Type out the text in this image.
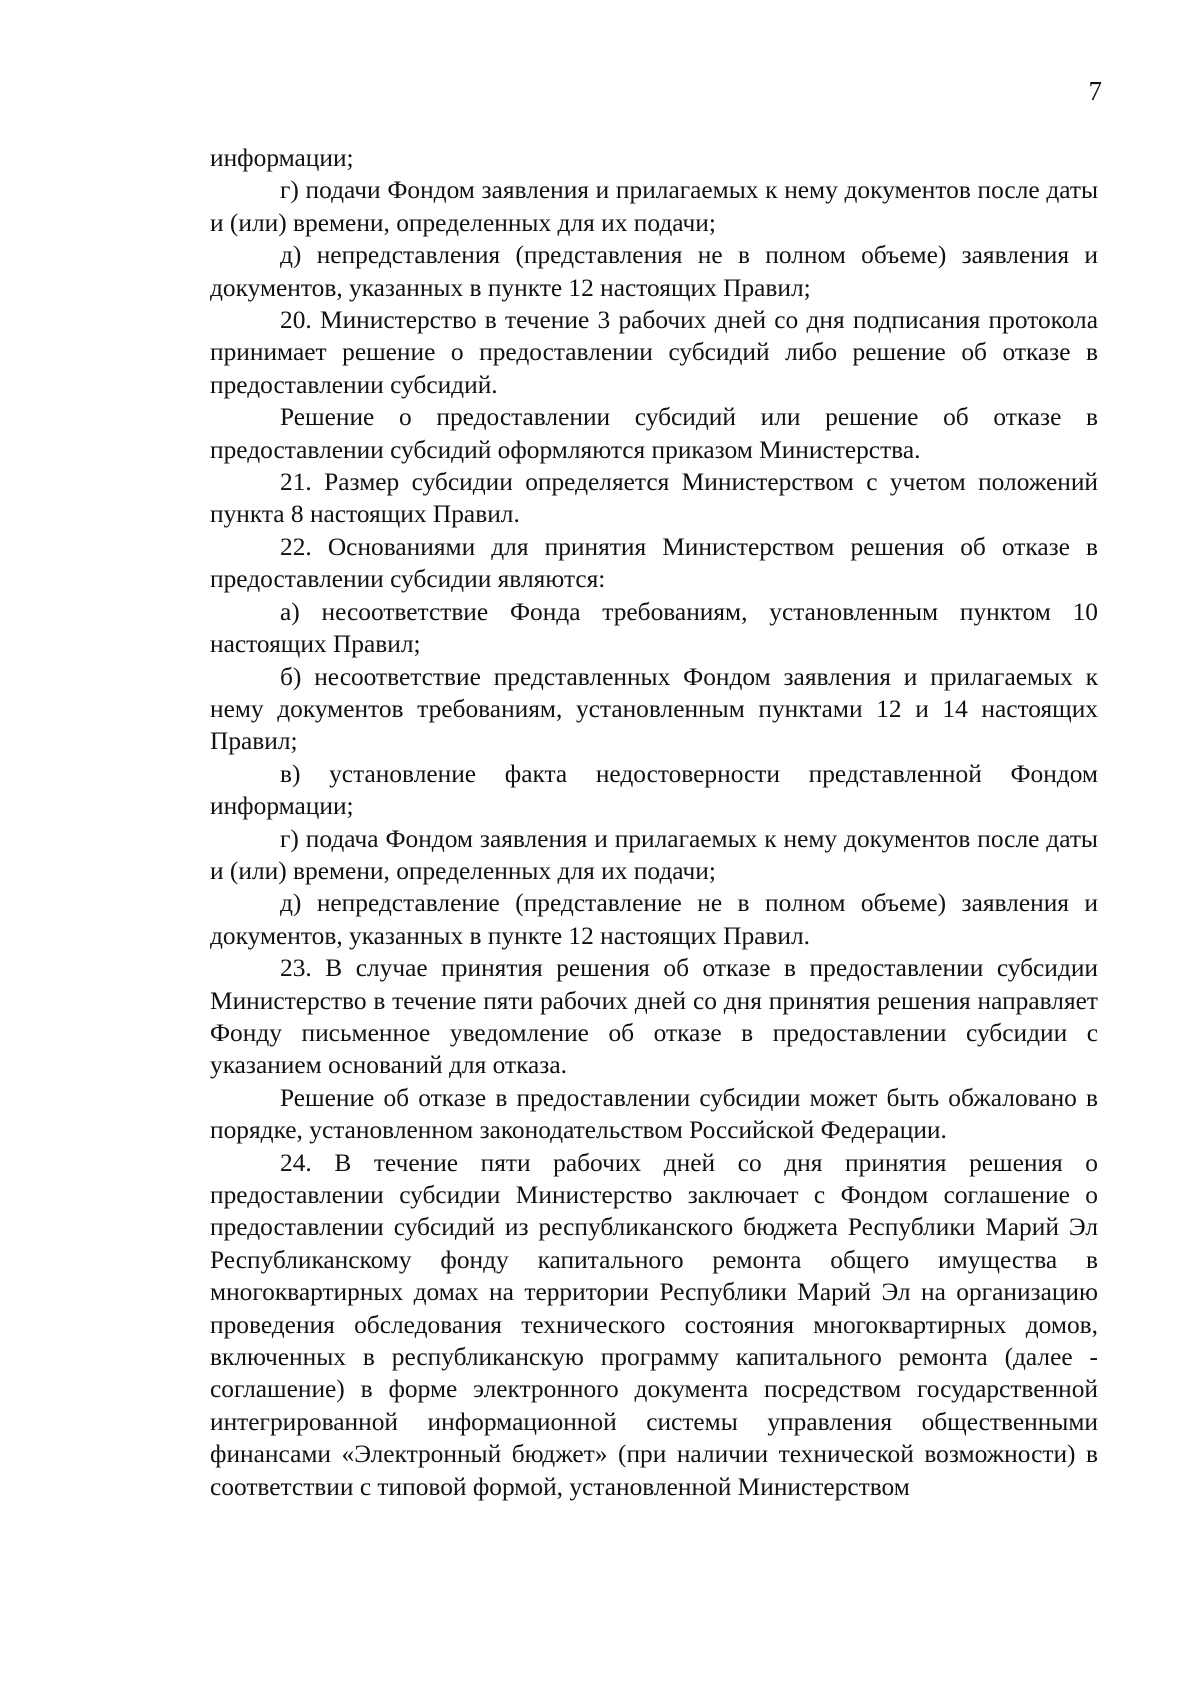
7

информации;

г) подачи Фондом заявления и прилагаемых к нему документов после даты и (или) времени, определенных для их подачи;

д) непредставления (представления не в полном объеме) заявления и документов, указанных в пункте 12 настоящих Правил;

20. Министерство в течение 3 рабочих дней со дня подписания протокола принимает решение о предоставлении субсидий либо решение об отказе в предоставлении субсидий.

Решение о предоставлении субсидий или решение об отказе в предоставлении субсидий оформляются приказом Министерства.

21. Размер субсидии определяется Министерством с учетом положений пункта 8 настоящих Правил.

22. Основаниями для принятия Министерством решения об отказе в предоставлении субсидии являются:

а) несоответствие Фонда требованиям, установленным пунктом 10 настоящих Правил;

б) несоответствие представленных Фондом заявления и прилагаемых к нему документов требованиям, установленным пунктами 12 и 14 настоящих Правил;

в) установление факта недостоверности представленной Фондом информации;

г) подача Фондом заявления и прилагаемых к нему документов после даты и (или) времени, определенных для их подачи;

д) непредставление (представление не в полном объеме) заявления и документов, указанных в пункте 12 настоящих Правил.

23. В случае принятия решения об отказе в предоставлении субсидии Министерство в течение пяти рабочих дней со дня принятия решения направляет Фонду письменное уведомление об отказе в предоставлении субсидии с указанием оснований для отказа.

Решение об отказе в предоставлении субсидии может быть обжаловано в порядке, установленном законодательством Российской Федерации.

24. В течение пяти рабочих дней со дня принятия решения о предоставлении субсидии Министерство заключает с Фондом соглашение о предоставлении субсидий из республиканского бюджета Республики Марий Эл Республиканскому фонду капитального ремонта общего имущества в многоквартирных домах на территории Республики Марий Эл на организацию проведения обследования технического состояния многоквартирных домов, включенных в республиканскую программу капитального ремонта (далее - соглашение) в форме электронного документа посредством государственной интегрированной информационной системы управления общественными финансами «Электронный бюджет» (при наличии технической возможности) в соответствии с типовой формой, установленной Министерством
